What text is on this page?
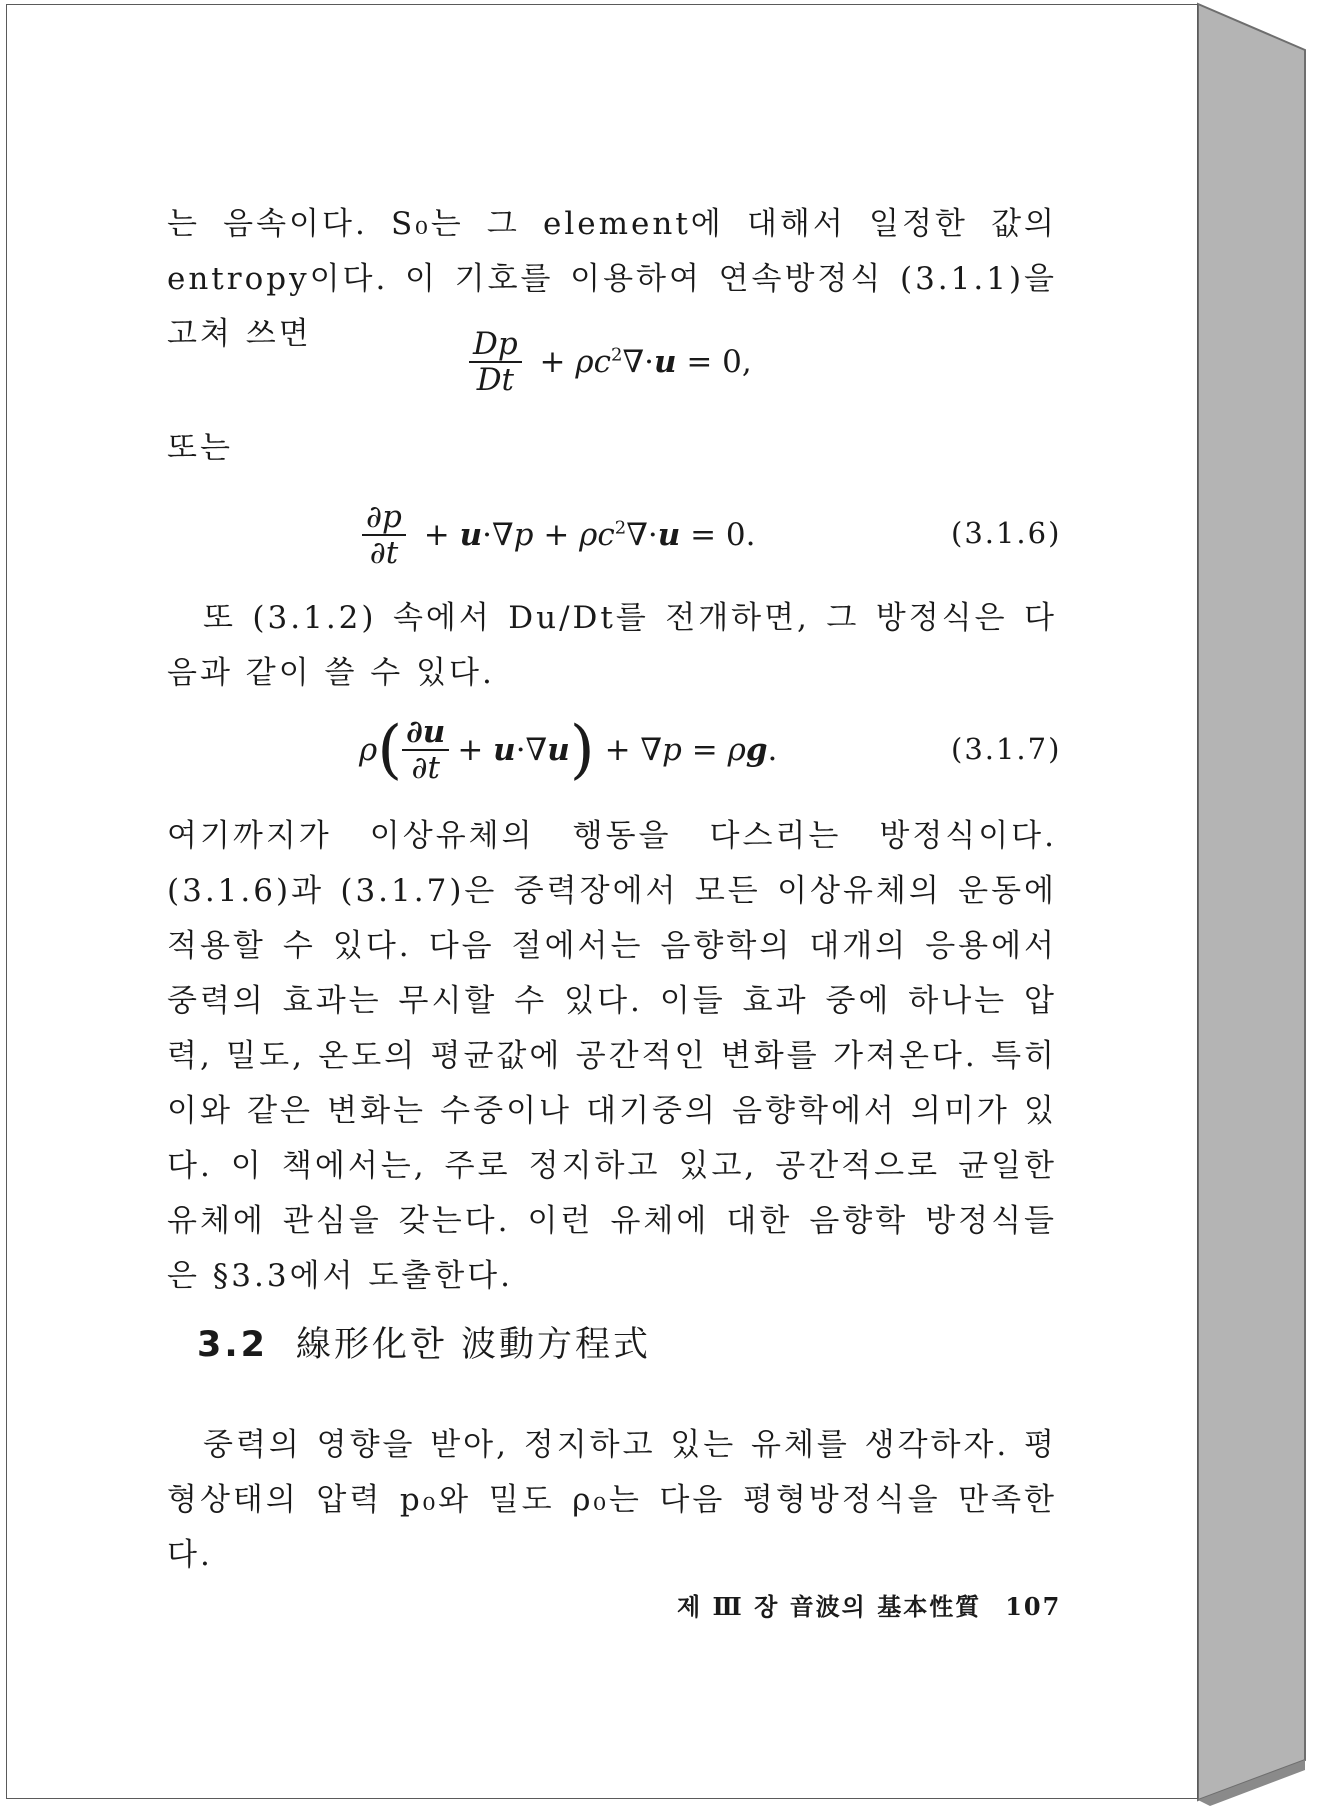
는 음속이다. S₀는 그 element에 대해서 일정한 값의 entropy이다. 이 기호를 이용하여 연속방정식 (3.1.1)을 고쳐 쓰면	$\frac{Dp}{Dt} + \rho c^2\nabla\cdot u = 0$,

또는

$\frac{\partial p}{\partial t} + u\cdot\nabla p + \rho c^2\nabla\cdot u = 0$.	(3.1.6)

또 (3.1.2) 속에서 Du/Dt를 전개하면, 그 방정식은 다음과 같이 쓸 수 있다.

ρ ( $\frac{\partial u}{\partial t} + u\cdot\nabla u$ ) + ∇p = ρg.	(3.1.7)

여기까지가 이상유체의 행동을 다스리는 방정식이다. (3.1.6)과 (3.1.7)은 중력장에서 모든 이상유체의 운동에 적용할 수 있다. 다음 절에서는 음향학의 대개의 응용에서 중력의 효과는 무시할 수 있다. 이들 효과 중에 하나는 압력, 밀도, 온도의 평균값에 공간적인 변화를 가져온다. 특히 이와 같은 변화는 수중이나 대기중의 음향학에서 의미가 있다. 이 책에서는, 주로 정지하고 있고, 공간적으로 균일한 유체에 관심을 갖는다. 이런 유체에 대한 음향학 방정식들은 §3.3에서 도출한다.

3.2 線形化한 波動方程式

중력의 영향을 받아, 정지하고 있는 유체를 생각하자. 평형상태의 압력 p₀와 밀도 ρ₀는 다음 평형방정식을 만족한다.

제 Ⅲ 장 音波의 基本性質 107
